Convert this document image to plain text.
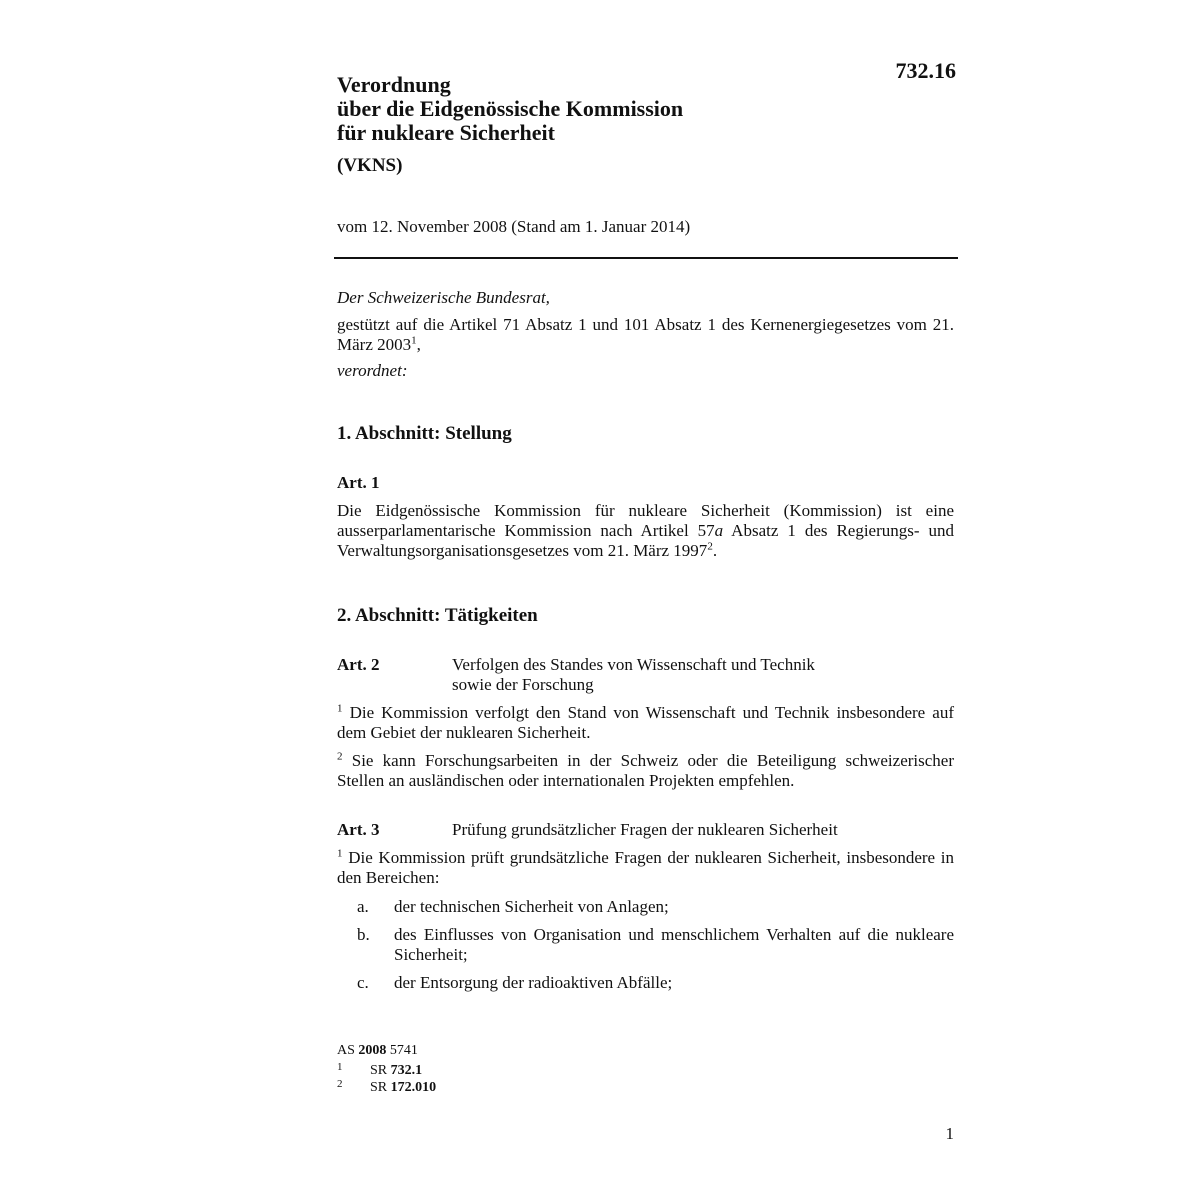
732.16
Verordnung
über die Eidgenössische Kommission
für nukleare Sicherheit
(VKNS)
vom 12. November 2008 (Stand am 1. Januar 2014)
Der Schweizerische Bundesrat,
gestützt auf die Artikel 71 Absatz 1 und 101 Absatz 1 des Kernenergiegesetzes vom 21. März 2003$^1$,
verordnet:
1. Abschnitt: Stellung
Art. 1
Die Eidgenössische Kommission für nukleare Sicherheit (Kommission) ist eine ausserparlamentarische Kommission nach Artikel 57a Absatz 1 des Regierungs- und Verwaltungsorganisationsgesetzes vom 21. März 1997$^2$.
2. Abschnitt: Tätigkeiten
Art. 2	Verfolgen des Standes von Wissenschaft und Technik
sowie der Forschung
$^1$ Die Kommission verfolgt den Stand von Wissenschaft und Technik insbesondere auf dem Gebiet der nuklearen Sicherheit.
$^2$ Sie kann Forschungsarbeiten in der Schweiz oder die Beteiligung schweizerischer Stellen an ausländischen oder internationalen Projekten empfehlen.
Art. 3	Prüfung grundsätzlicher Fragen der nuklearen Sicherheit
$^1$ Die Kommission prüft grundsätzliche Fragen der nuklearen Sicherheit, insbesondere in den Bereichen:
a. der technischen Sicherheit von Anlagen;
b. des Einflusses von Organisation und menschlichem Verhalten auf die nukleare Sicherheit;
c. der Entsorgung der radioaktiven Abfälle;
AS 2008 5741
1 SR 732.1
2 SR 172.010
1
